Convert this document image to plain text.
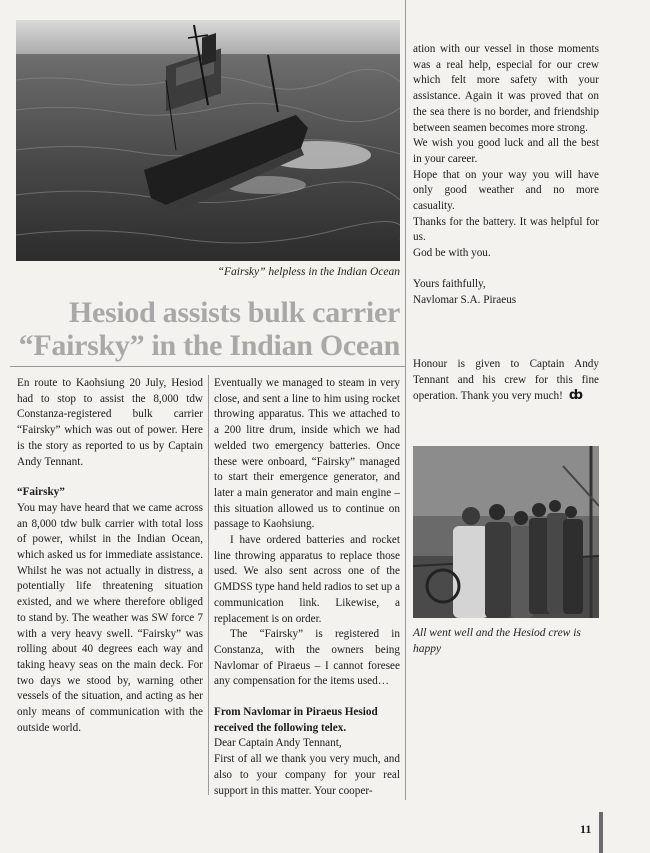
“Fairsky” helpless in the Indian Ocean
Hesiod assists bulk carrier
“Fairsky” in the Indian Ocean

En route to Kaohsiung 20 July, Hesiod had to stop to assist the 8,000 tdw Constanza-registered bulk carrier “Fairsky” which was out of power. Here is the story as reported to us by Captain Andy Tennant.

“Fairsky”

You may have heard that we came across an 8,000 tdw bulk carrier with total loss of power, whilst in the Indian Ocean, which asked us for immediate assistance. Whilst he was not actually in distress, a potentially life threatening situation existed, and we where therefore obliged to stand by. The weather was SW force 7 with a very heavy swell. “Fairsky” was rolling about 40 degrees each way and taking heavy seas on the main deck. For two days we stood by, warning other vessels of the situation, and acting as her only means of communication with the outside world.

Eventually we managed to steam in very close, and sent a line to him using rocket throwing apparatus. This we attached to a 200 litre drum, inside which we had welded two emergency batteries. Once these were onboard, “Fairsky” managed to start their emergence generator, and later a main generator and main engine – this situation allowed us to continue on passage to Kaohsiung.

I have ordered batteries and rocket line throwing apparatus to replace those used. We also sent across one of the GMDSS type hand held radios to set up a communication link. Likewise, a replacement is on order.

The “Fairsky” is registered in Constanza, with the owners being Navlomar of Piraeus – I cannot foresee any compensation for the items used…

From Navlomar in Piraeus Hesiod received the following telex.

Dear Captain Andy Tennant,

First of all we thank you very much, and also to your company for your real support in this matter. Your cooper-

ation with our vessel in those moments was a real help, especial for our crew which felt more safety with your assistance. Again it was proved that on the sea there is no border, and friendship between seamen becomes more strong.

We wish you good luck and all the best in your career.

Hope that on your way you will have only good weather and no more casuality.

Thanks for the battery. It was helpful for us.

God be with you.

Yours faithfully,

Navlomar S.A. Piraeus

Honour is given to Captain Andy Tennant and his crew for this fine operation. Thank you very much! ȸ

All went well and the Hesiod crew is happy
11
